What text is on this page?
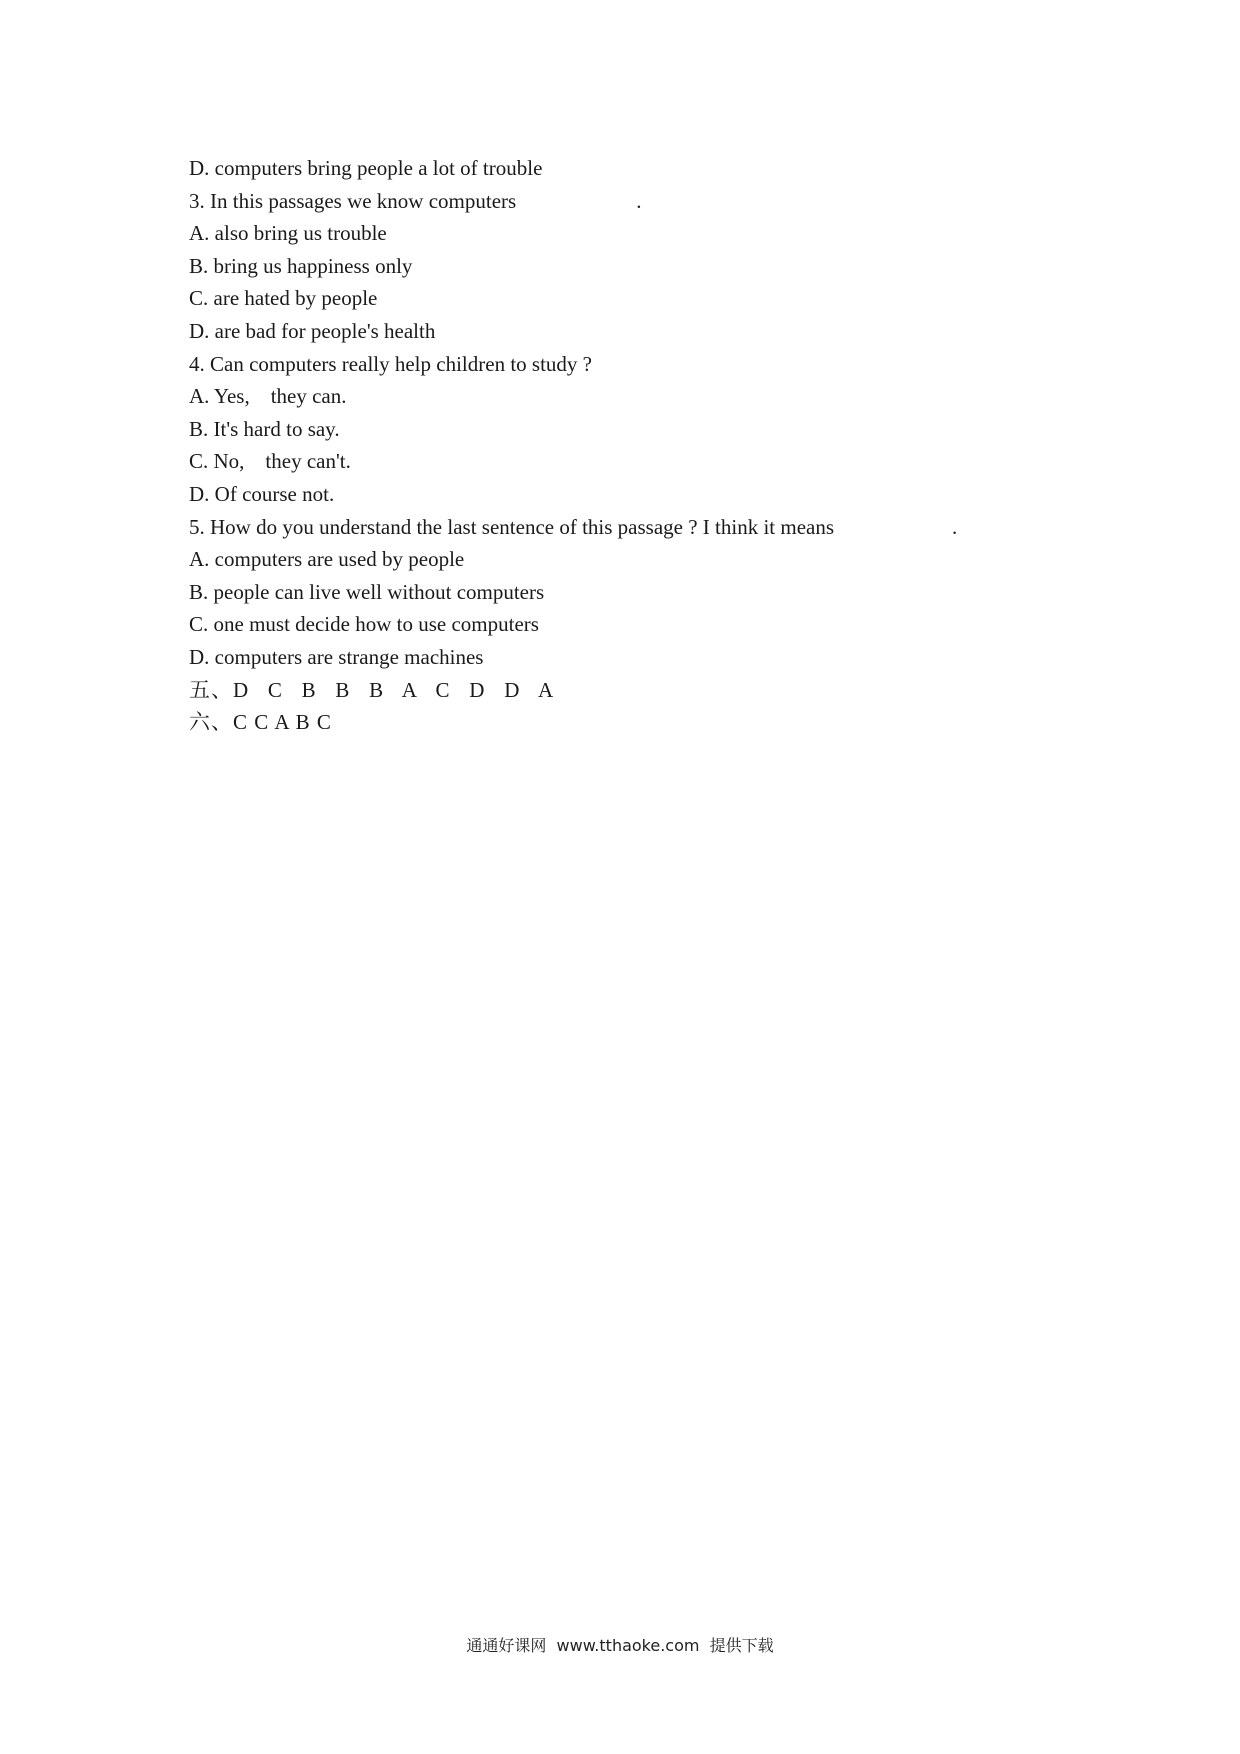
D. computers bring people a lot of trouble
3. In this passages we know computers	.
A. also bring us trouble
B. bring us happiness only
C. are hated by people
D. are bad for people's health
4. Can computers really help children to study ?
A. Yes,    they can.
B. It's hard to say.
C. No,    they can't.
D. Of course not.
5. How do you understand the last sentence of this passage ? I think it means	.
A. computers are used by people
B. people can live well without computers
C. one must decide how to use computers
D. computers are strange machines
五、D   C   B   B   B   A   C   D   D   A
六、C C A B C
通通好课网  www.tthaoke.com  提供下载
